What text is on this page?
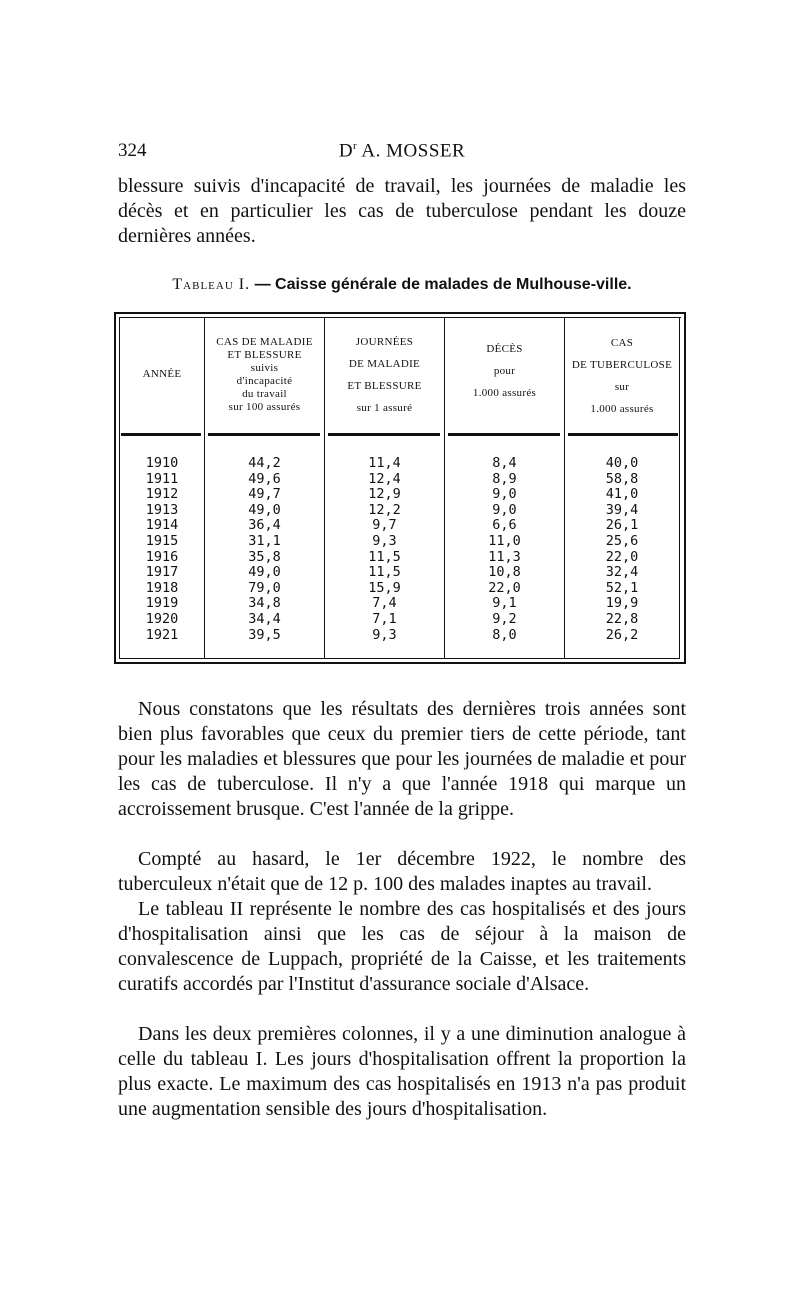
324	$D^r$ A. MOSSER
blessure suivis d'incapacité de travail, les journées de maladie les décès et en particulier les cas de tuberculose pendant les douze dernières années.
Tableau I. — Caisse générale de malades de Mulhouse-ville.
ANNÉE
CAS DE MALADIE
ET BLESSURE
suivis
d'incapacité
du travail
sur 100 assurés
JOURNÉES

DE MALADIE

ET BLESSURE

sur 1 assuré
DÉCÈS

pour

1.000 assurés
CAS

DE TUBERCULOSE

sur

1.000 assurés
1910
1911
1912
1913
1914
1915
1916
1917
1918
1919
1920
1921
44,2
49,6
49,7
49,0
36,4
31,1
35,8
49,0
79,0
34,8
34,4
39,5
11,4
12,4
12,9
12,2
9,7
9,3
11,5
11,5
15,9
7,4
7,1
9,3
8,4
8,9
9,0
9,0
6,6
11,0
11,3
10,8
22,0
9,1
9,2
8,0
40,0
58,8
41,0
39,4
26,1
25,6
22,0
32,4
52,1
19,9
22,8
26,2
Nous constatons que les résultats des dernières trois années sont bien plus favorables que ceux du premier tiers de cette période, tant pour les maladies et blessures que pour les journées de maladie et pour les cas de tuberculose. Il n'y a que l'année 1918 qui marque un accroissement brusque. C'est l'année de la grippe.
Compté au hasard, le 1er décembre 1922, le nombre des tuberculeux n'était que de 12 p. 100 des malades inaptes au travail.
Le tableau II représente le nombre des cas hospitalisés et des jours d'hospitalisation ainsi que les cas de séjour à la maison de convalescence de Luppach, propriété de la Caisse, et les traitements curatifs accordés par l'Institut d'assurance sociale d'Alsace.
Dans les deux premières colonnes, il y a une diminution analogue à celle du tableau I. Les jours d'hospitalisation offrent la proportion la plus exacte. Le maximum des cas hospitalisés en 1913 n'a pas produit une augmentation sensible des jours d'hospitalisation.
